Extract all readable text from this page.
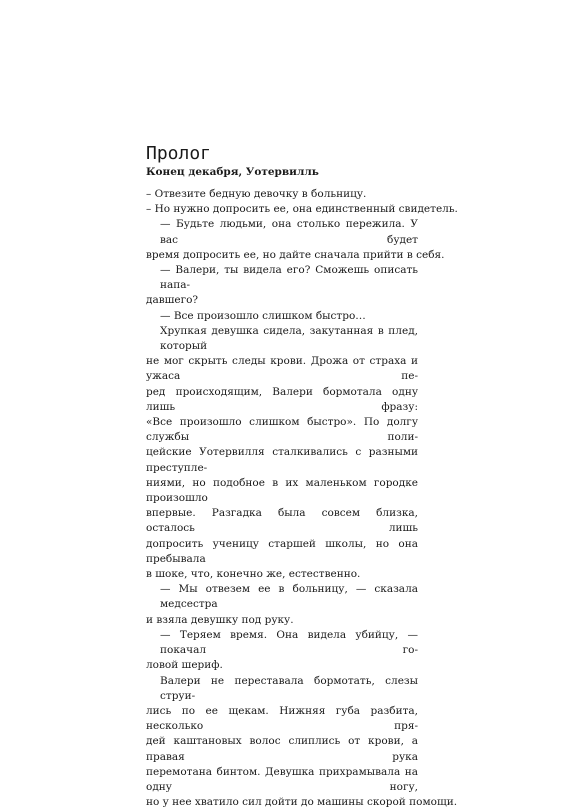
Пролог
Конец декабря, Уотервилль
– Отвезите бедную девочку в больницу.
– Но нужно допросить ее, она единственный свидетель.
— Будьте людьми, она столько пережила. У вас будет
время допросить ее, но дайте сначала прийти в себя.
— Валери, ты видела его? Сможешь описать напа-
давшего?
— Все произошло слишком быстро…
Хрупкая девушка сидела, закутанная в плед, который
не мог скрыть следы крови. Дрожа от страха и ужаса пе-
ред происходящим, Валери бормотала одну лишь фразу:
«Все произошло слишком быстро». По долгу службы поли-
цейские Уотервилля сталкивались с разными преступле-
ниями, но подобное в их маленьком городке произошло
впервые. Разгадка была совсем близка, осталось лишь
допросить ученицу старшей школы, но она пребывала
в шоке, что, конечно же, естественно.
— Мы отвезем ее в больницу, — сказала медсестра
и взяла девушку под руку.
— Теряем время. Она видела убийцу, — покачал го-
ловой шериф.
Валери не переставала бормотать, слезы струи-
лись по ее щекам. Нижняя губа разбита, несколько пря-
дей каштановых волос слиплись от крови, а правая рука
перемотана бинтом. Девушка прихрамывала на одну ногу,
но у нее хватило сил дойти до машины скорой помощи.
